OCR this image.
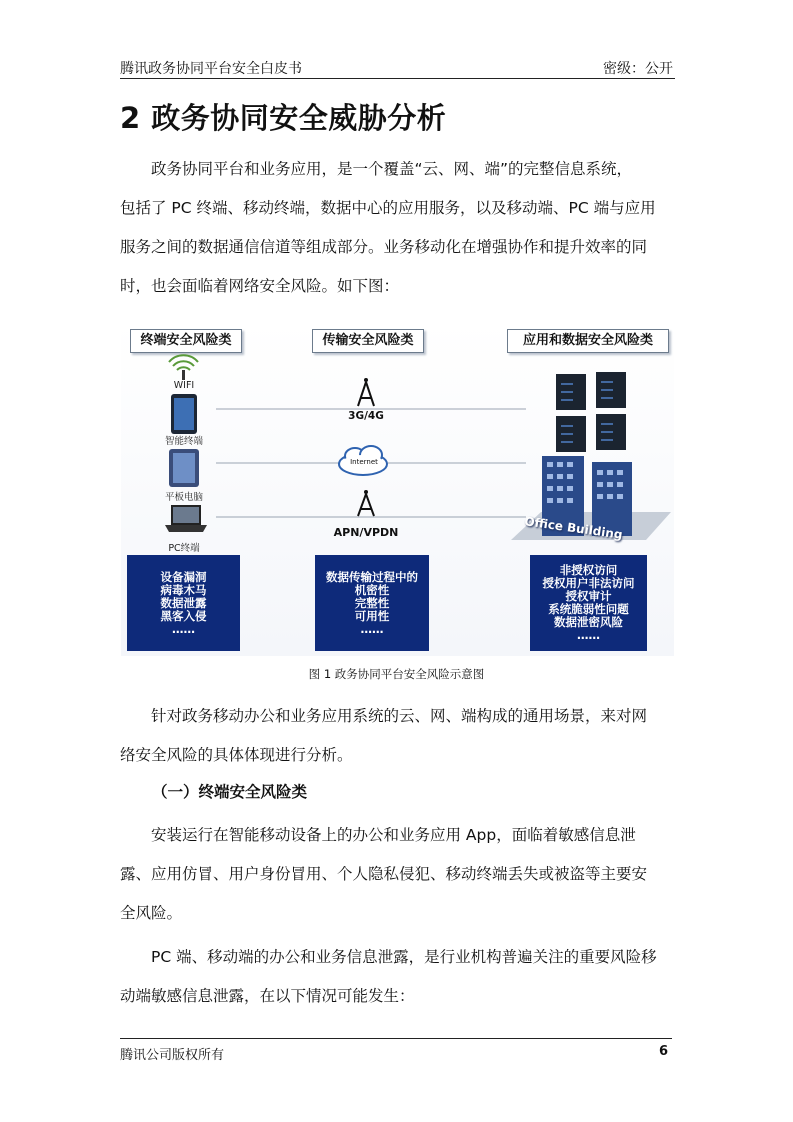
腾讯政务协同平台安全白皮书	密级：公开
2 政务协同安全威胁分析
政务协同平台和业务应用，是一个覆盖“云、网、端”的完整信息系统，
包括了 PC 终端、移动终端，数据中心的应用服务，以及移动端、PC 端与应用
服务之间的数据通信信道等组成部分。业务移动化在增强协作和提升效率的同
时，也会面临着网络安全风险。如下图：
终端安全风险类	传输安全风险类	应用和数据安全风险类
WIFI
智能终端
平板电脑
PC终端
3G/4G
Internet
APN/VPDN	Office Building
设备漏洞
病毒木马
数据泄露
黑客入侵
……
数据传输过程中的
机密性
完整性
可用性
……
非授权访问
授权用户非法访问
授权审计
系统脆弱性问题
数据泄密风险
……
图 1 政务协同平台安全风险示意图
针对政务移动办公和业务应用系统的云、网、端构成的通用场景，来对网
络安全风险的具体体现进行分析。
（一）终端安全风险类
安装运行在智能移动设备上的办公和业务应用 App，面临着敏感信息泄
露、应用仿冒、用户身份冒用、个人隐私侵犯、移动终端丢失或被盗等主要安
全风险。
PC 端、移动端的办公和业务信息泄露，是行业机构普遍关注的重要风险移
动端敏感信息泄露，在以下情况可能发生：
腾讯公司版权所有	6
